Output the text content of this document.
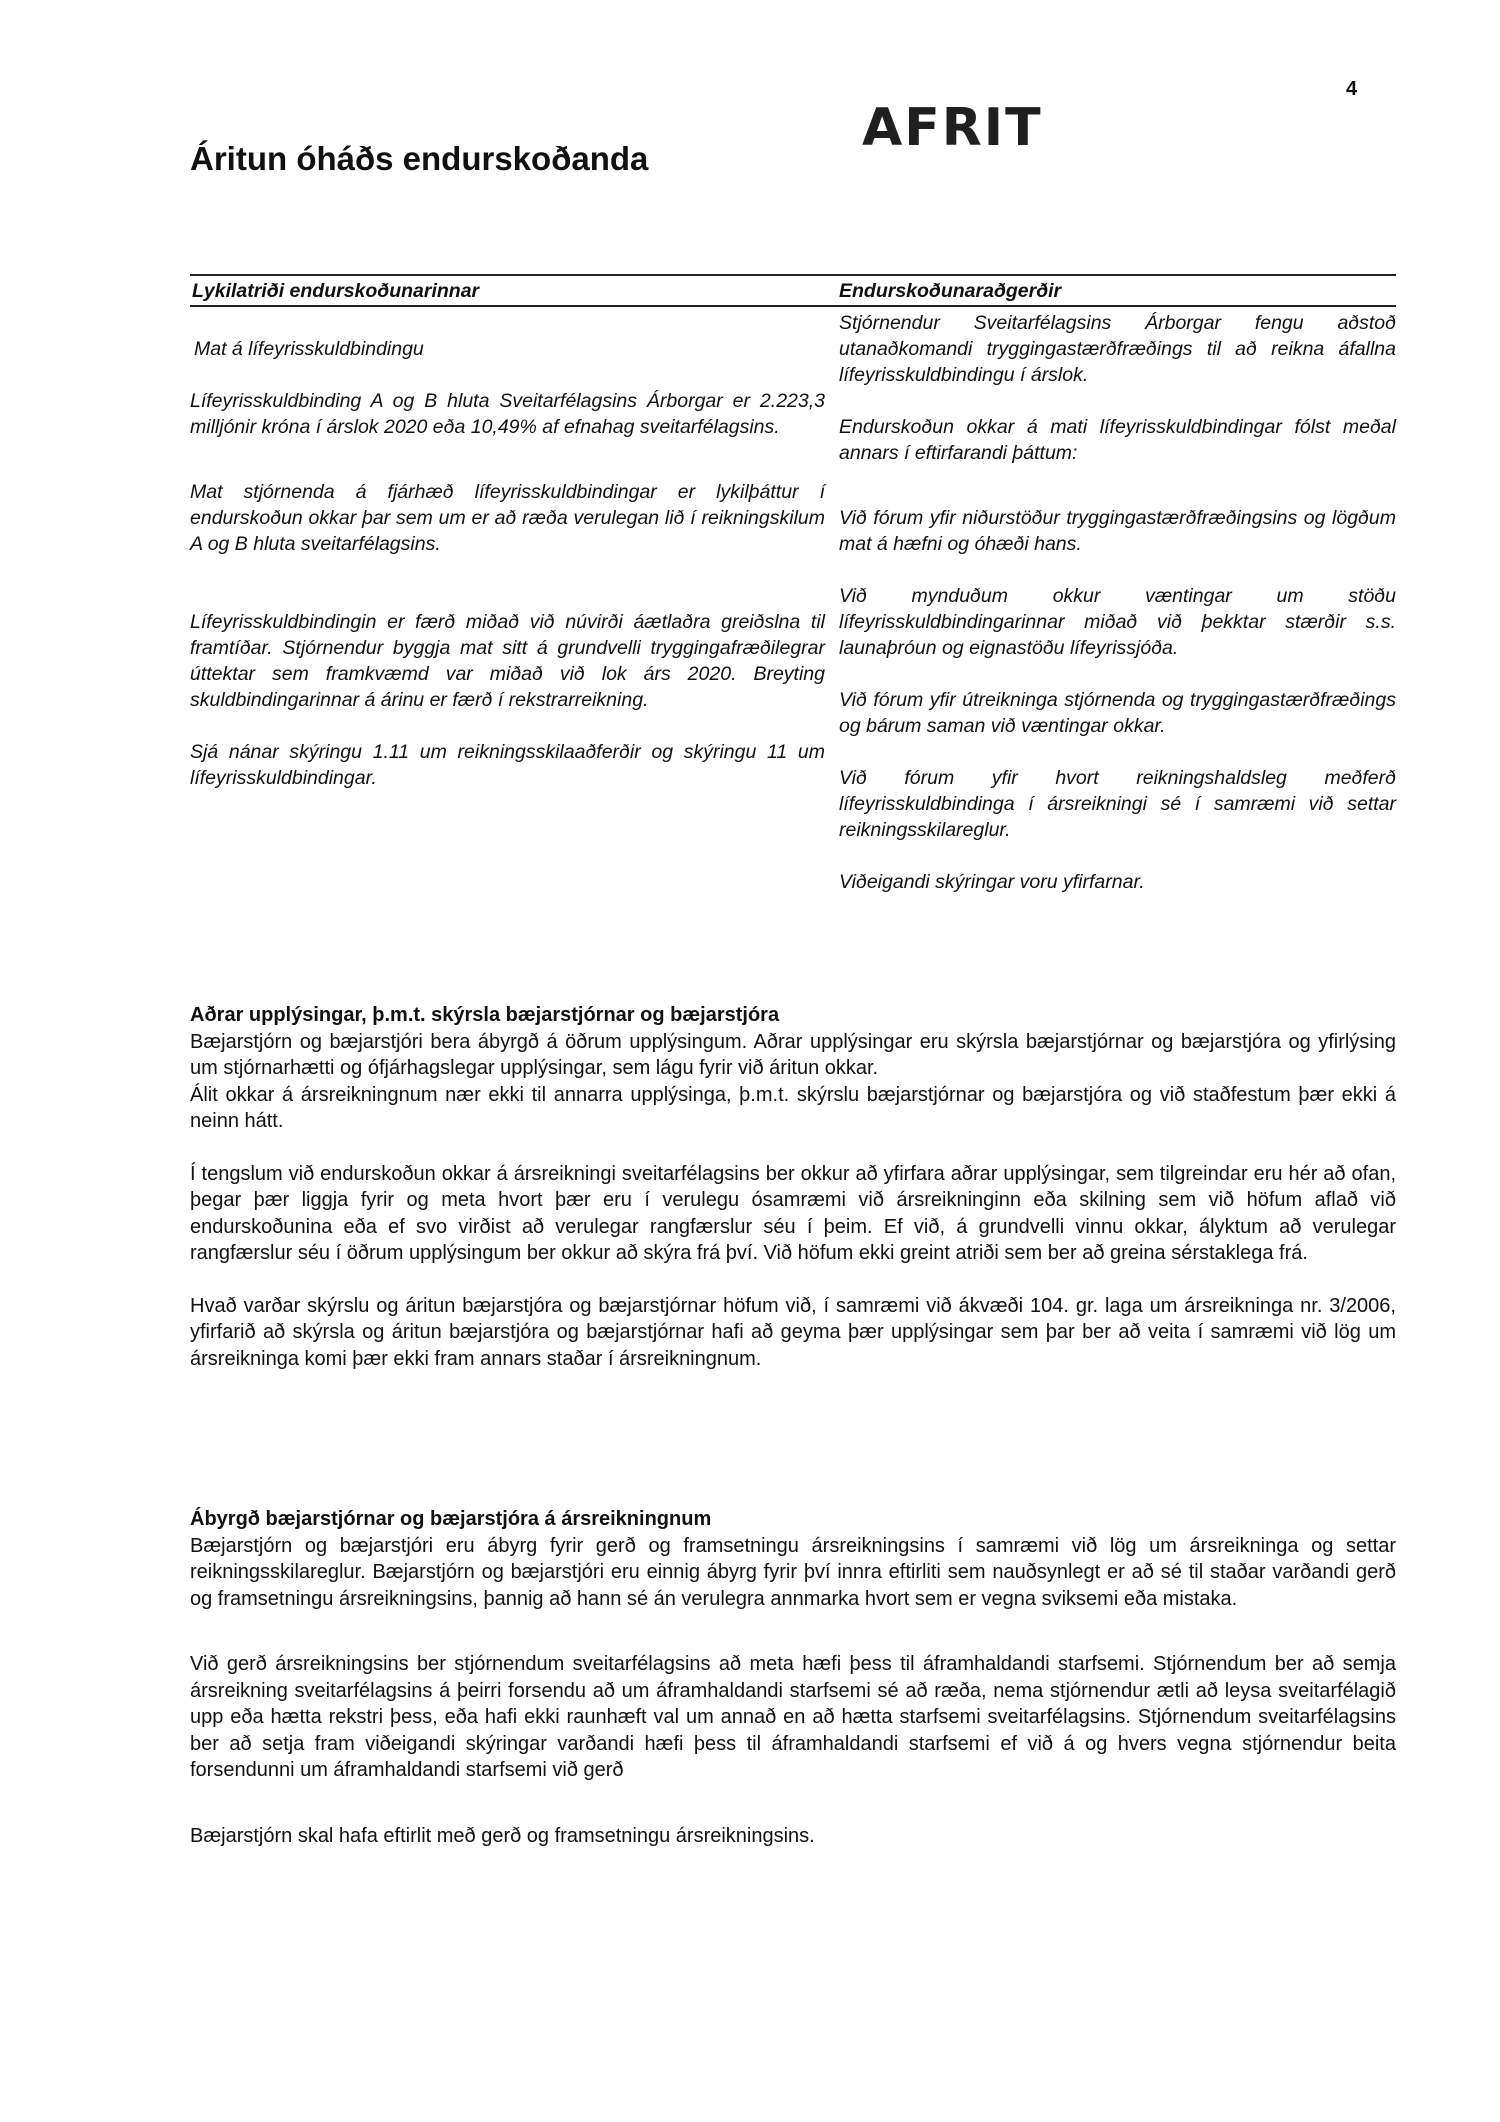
4
AFRIT
Áritun óháðs endurskoðanda
Lykilatriði endurskoðunarinnar	Endurskoðunaraðgerðir

Mat á lífeyrisskuldbindingu

Lífeyrisskuldbinding A og B hluta Sveitarfélagsins Árborgar er 2.223,3 milljónir króna í árslok 2020 eða 10,49% af efnahag sveitarfélagsins.

Mat stjórnenda á fjárhæð lífeyrisskuldbindingar er lykilþáttur í endurskoðun okkar þar sem um er að ræða verulegan lið í reikningskilum A og B hluta sveitarfélagsins.

Lífeyrisskuldbindingin er færð miðað við núvirði áætlaðra greiðslna til framtíðar. Stjórnendur byggja mat sitt á grundvelli tryggingafræðilegrar úttektar sem framkvæmd var miðað við lok árs 2020. Breyting skuldbindingarinnar á árinu er færð í rekstrarreikning.

Sjá nánar skýringu 1.11 um reikningsskilaaðferðir og skýringu 11 um lífeyrisskuldbindingar.

Stjórnendur Sveitarfélagsins Árborgar fengu aðstoð utanaðkomandi tryggingastærðfræðings til að reikna áfallna lífeyrisskuldbindingu í árslok.

Endurskoðun okkar á mati lífeyrisskuldbindingar fólst meðal annars í eftirfarandi þáttum:

Við fórum yfir niðurstöður tryggingastærðfræðingsins og lögðum mat á hæfni og óhæði hans.

Við mynduðum okkur væntingar um stöðu lífeyrisskuldbindingarinnar miðað við þekktar stærðir s.s. launaþróun og eignastöðu lífeyrissjóða.

Við fórum yfir útreikninga stjórnenda og tryggingastærðfræðings og bárum saman við væntingar okkar.

Við fórum yfir hvort reikningshaldsleg meðferð lífeyrisskuldbindinga í ársreikningi sé í samræmi við settar reikningsskilareglur.

Viðeigandi skýringar voru yfirfarnar.

Aðrar upplýsingar, þ.m.t. skýrsla bæjarstjórnar og bæjarstjóra

Bæjarstjórn og bæjarstjóri bera ábyrgð á öðrum upplýsingum. Aðrar upplýsingar eru skýrsla bæjarstjórnar og bæjarstjóra og yfirlýsing um stjórnarhætti og ófjárhagslegar upplýsingar, sem lágu fyrir við áritun okkar.

Álit okkar á ársreikningnum nær ekki til annarra upplýsinga, þ.m.t. skýrslu bæjarstjórnar og bæjarstjóra og við staðfestum þær ekki á neinn hátt.

Í tengslum við endurskoðun okkar á ársreikningi sveitarfélagsins ber okkur að yfirfara aðrar upplýsingar, sem tilgreindar eru hér að ofan, þegar þær liggja fyrir og meta hvort þær eru í verulegu ósamræmi við ársreikninginn eða skilning sem við höfum aflað við endurskoðunina eða ef svo virðist að verulegar rangfærslur séu í þeim. Ef við, á grundvelli vinnu okkar, ályktum að verulegar rangfærslur séu í öðrum upplýsingum ber okkur að skýra frá því. Við höfum ekki greint atriði sem ber að greina sérstaklega frá.

Hvað varðar skýrslu og áritun bæjarstjóra og bæjarstjórnar höfum við, í samræmi við ákvæði 104. gr. laga um ársreikninga nr. 3/2006, yfirfarið að skýrsla og áritun bæjarstjóra og bæjarstjórnar hafi að geyma þær upplýsingar sem þar ber að veita í samræmi við lög um ársreikninga komi þær ekki fram annars staðar í ársreikningnum.

Ábyrgð bæjarstjórnar og bæjarstjóra á ársreikningnum

Bæjarstjórn og bæjarstjóri eru ábyrg fyrir gerð og framsetningu ársreikningsins í samræmi við lög um ársreikninga og settar reikningsskilareglur. Bæjarstjórn og bæjarstjóri eru einnig ábyrg fyrir því innra eftirliti sem nauðsynlegt er að sé til staðar varðandi gerð og framsetningu ársreikningsins, þannig að hann sé án verulegra annmarka hvort sem er vegna sviksemi eða mistaka.

Við gerð ársreikningsins ber stjórnendum sveitarfélagsins að meta hæfi þess til áframhaldandi starfsemi. Stjórnendum ber að semja ársreikning sveitarfélagsins á þeirri forsendu að um áframhaldandi starfsemi sé að ræða, nema stjórnendur ætli að leysa sveitarfélagið upp eða hætta rekstri þess, eða hafi ekki raunhæft val um annað en að hætta starfsemi sveitarfélagsins. Stjórnendum sveitarfélagsins ber að setja fram viðeigandi skýringar varðandi hæfi þess til áframhaldandi starfsemi ef við á og hvers vegna stjórnendur beita forsendunni um áframhaldandi starfsemi við gerð

Bæjarstjórn skal hafa eftirlit með gerð og framsetningu ársreikningsins.
